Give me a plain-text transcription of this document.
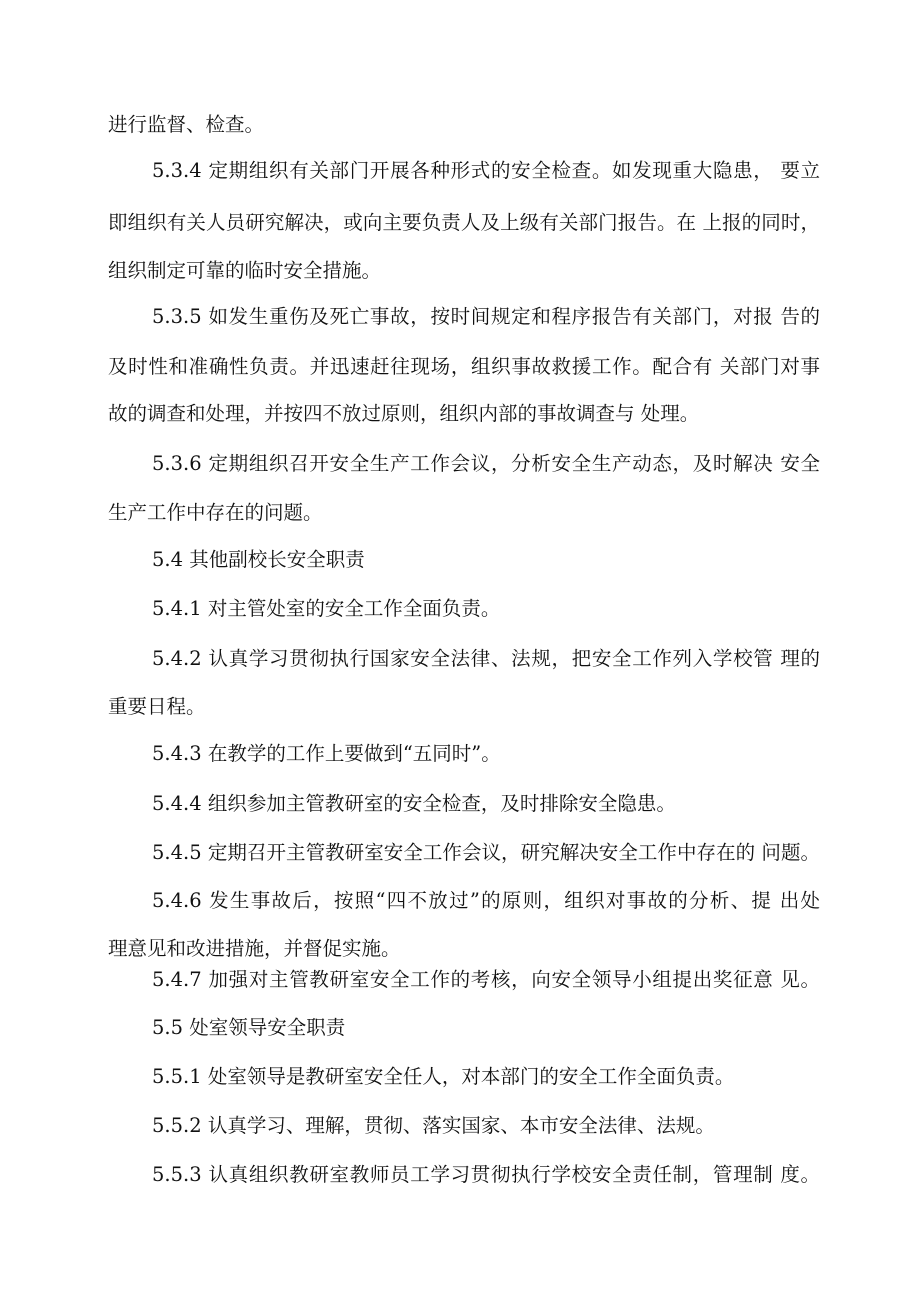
进行监督、检查。
5.3.4 定期组织有关部门开展各种形式的安全检查。如发现重大隐患， 要立
即组织有关人员研究解决，或向主要负责人及上级有关部门报告。在 上报的同时，
组织制定可靠的临时安全措施。
5.3.5 如发生重伤及死亡事故，按时间规定和程序报告有关部门，对报 告的
及时性和准确性负责。并迅速赶往现场，组织事故救援工作。配合有 关部门对事
故的调查和处理，并按四不放过原则，组织内部的事故调查与 处理。
5.3.6 定期组织召开安全生产工作会议，分析安全生产动态，及时解决 安全
生产工作中存在的问题。
5.4 其他副校长安全职责
5.4.1 对主管处室的安全工作全面负责。
5.4.2 认真学习贯彻执行国家安全法律、法规，把安全工作列入学校管 理的
重要日程。
5.4.3 在教学的工作上要做到“五同时”。
5.4.4 组织参加主管教研室的安全检查，及时排除安全隐患。
5.4.5 定期召开主管教研室安全工作会议，研究解决安全工作中存在的 问题。
5.4.6 发生事故后，按照“四不放过”的原则，组织对事故的分析、提 出处
理意见和改进措施，并督促实施。
5.4.7 加强对主管教研室安全工作的考核，向安全领导小组提出奖征意 见。
5.5 处室领导安全职责
5.5.1 处室领导是教研室安全任人，对本部门的安全工作全面负责。
5.5.2 认真学习、理解，贯彻、落实国家、本市安全法律、法规。
5.5.3 认真组织教研室教师员工学习贯彻执行学校安全责任制，管理制 度。
